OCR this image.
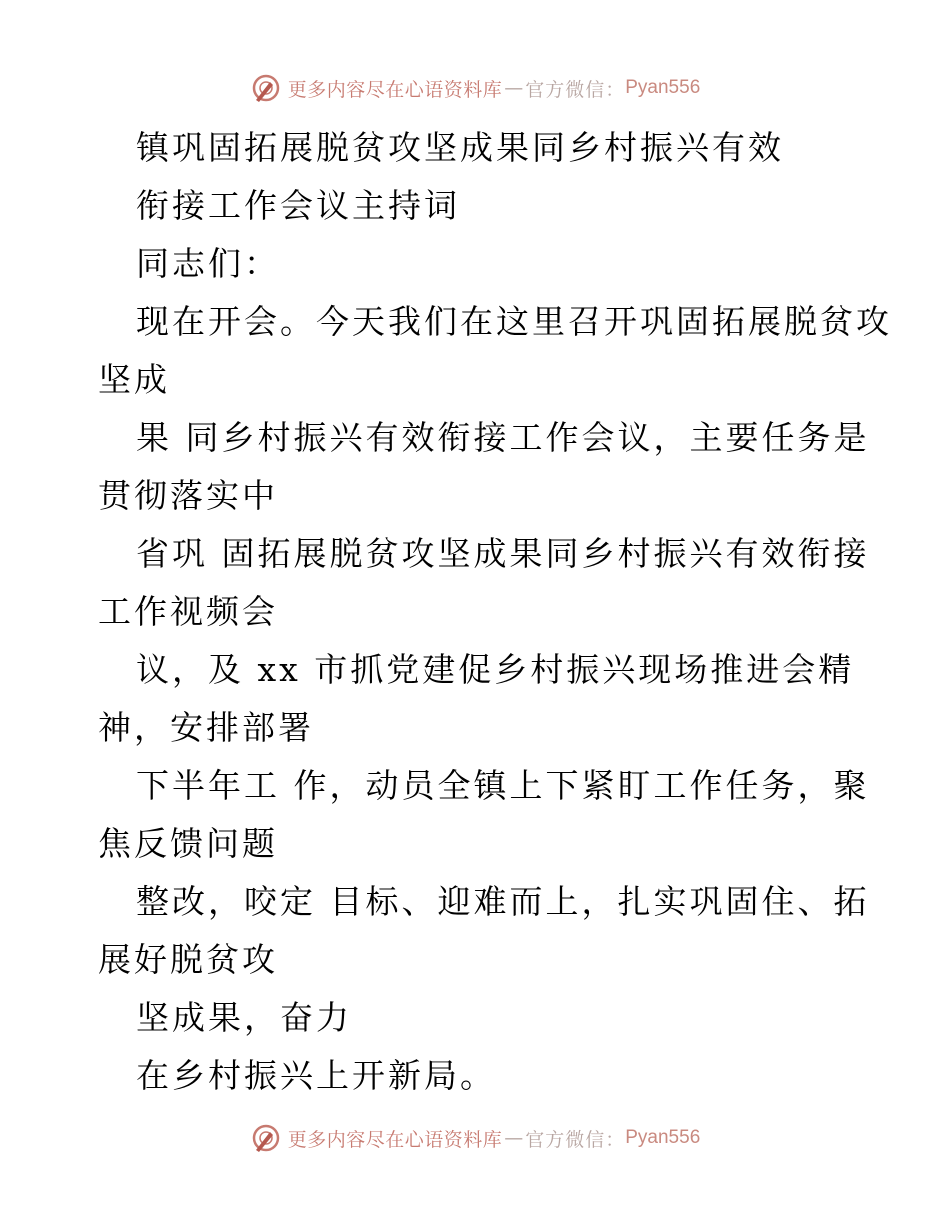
更多内容尽在心语资料库 — 官方微信： Pyan556
镇巩固拓展脱贫攻坚成果同乡村振兴有效
衔接工作会议主持词
同志们：
现在开会。今天我们在这里召开巩固拓展脱贫攻
坚成
果 同乡村振兴有效衔接工作会议，主要任务是
贯彻落实中
省巩 固拓展脱贫攻坚成果同乡村振兴有效衔接
工作视频会
议，及 xx 市抓党建促乡村振兴现场推进会精
神，安排部署
下半年工 作，动员全镇上下紧盯工作任务，聚
焦反馈问题
整改，咬定 目标、迎难而上，扎实巩固住、拓
展好脱贫攻
坚成果，奋力
在乡村振兴上开新局。
更多内容尽在心语资料库 — 官方微信： Pyan556
